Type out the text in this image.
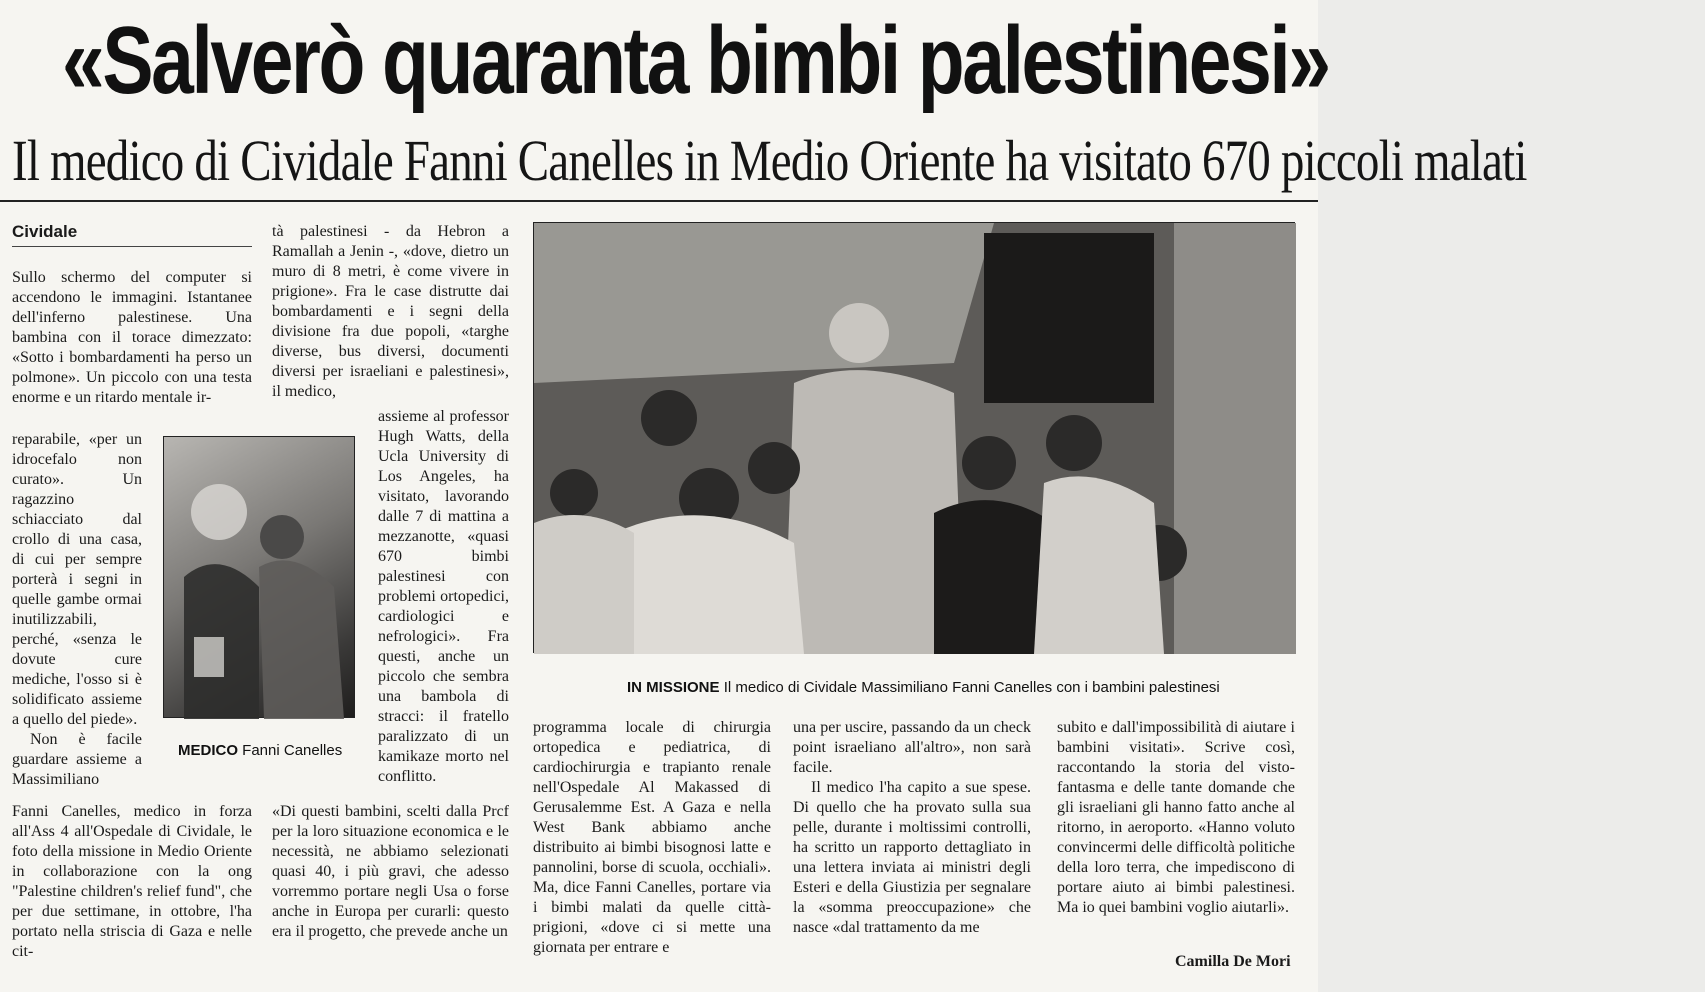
«Salverò quaranta bimbi palestinesi»
Il medico di Cividale Fanni Canelles in Medio Oriente ha visitato 670 piccoli malati
Cividale

Sullo schermo del computer si accendono le immagini. Istantanee dell'inferno palestinese. Una bambina con il torace dimezzato: «Sotto i bombardamenti ha perso un polmone». Un piccolo con una testa enorme e un ritardo mentale ir-

reparabile, «per un idrocefalo non curato». Un ragazzino schiacciato dal crollo di una casa, di cui per sempre porterà i segni in quelle gambe ormai inutilizzabili, perché, «senza le dovute cure mediche, l'osso si è solidificato assieme a quello del piede».

Non è facile guardare assieme a Massimiliano

Fanni Canelles, medico in forza all'Ass 4 all'Ospedale di Cividale, le foto della missione in Medio Oriente in collaborazione con la ong "Palestine children's relief fund", che per due settimane, in ottobre, l'ha portato nella striscia di Gaza e nelle cit-

MEDICO Fanni Canelles

tà palestinesi - da Hebron a Ramallah a Jenin -, «dove, dietro un muro di 8 metri, è come vivere in prigione». Fra le case distrutte dai bombardamenti e i segni della divisione fra due popoli, «targhe diverse, bus diversi, documenti diversi per israeliani e palestinesi», il medico,

assieme al professor Hugh Watts, della Ucla University di Los Angeles, ha visitato, lavorando dalle 7 di mattina a mezzanotte, «quasi 670 bimbi palestinesi con problemi ortopedici, cardiologici e nefrologici». Fra questi, anche un piccolo che sembra una bambola di stracci: il fratello paralizzato di un kamikaze morto nel conflitto.

«Di questi bambini, scelti dalla Prcf per la loro situazione economica e le necessità, ne abbiamo selezionati quasi 40, i più gravi, che adesso vorremmo portare negli Usa o forse anche in Europa per curarli: questo era il progetto, che prevede anche un

IN MISSIONE Il medico di Cividale Massimiliano Fanni Canelles con i bambini palestinesi

programma locale di chirurgia ortopedica e pediatrica, di cardiochirurgia e trapianto renale nell'Ospedale Al Makassed di Gerusalemme Est. A Gaza e nella West Bank abbiamo anche distribuito ai bimbi bisognosi latte e pannolini, borse di scuola, occhiali». Ma, dice Fanni Canelles, portare via i bimbi malati da quelle città-prigioni, «dove ci si mette una giornata per entrare e

una per uscire, passando da un check point israeliano all'altro», non sarà facile.

Il medico l'ha capito a sue spese. Di quello che ha provato sulla sua pelle, durante i moltissimi controlli, ha scritto un rapporto dettagliato in una lettera inviata ai ministri degli Esteri e della Giustizia per segnalare la «somma preoccupazione» che nasce «dal trattamento da me

subito e dall'impossibilità di aiutare i bambini visitati». Scrive così, raccontando la storia del visto-fantasma e delle tante domande che gli israeliani gli hanno fatto anche al ritorno, in aeroporto. «Hanno voluto convincermi delle difficoltà politiche della loro terra, che impediscono di portare aiuto ai bimbi palestinesi. Ma io quei bambini voglio aiutarli».

Camilla De Mori
